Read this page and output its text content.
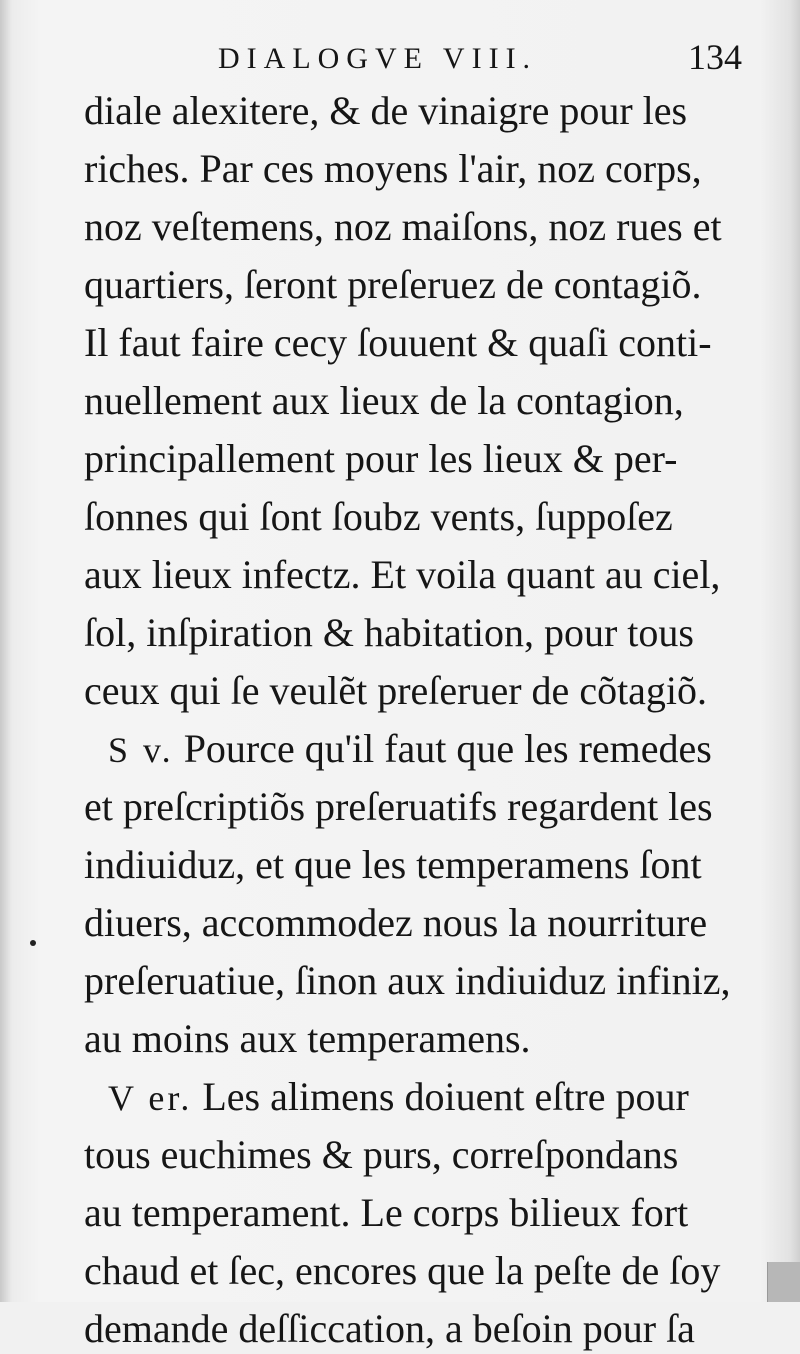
DIALOGVE VIII.	134
diale alexitere, & de vinaigre pour les
riches. Par ces moyens l'air, noz corps,
noz veſtemens, noz maiſons, noz rues et
quartiers, ſeront preſeruez de contagiõ.
Il faut faire cecy ſouuent & quaſi conti-
nuellement aux lieux de la contagion,
principallement pour les lieux & per-
ſonnes qui ſont ſoubz vents, ſuppoſez
aux lieux infectz. Et voila quant au ciel,
ſol, inſpiration & habitation, pour tous
ceux qui ſe veulẽt preſeruer de cõtagiõ.
S v. Pource qu'il faut que les remedes
et preſcriptiõs preſeruatifs regardent les
indiuiduz, et que les temperamens ſont
diuers, accommodez nous la nourriture
preſeruatiue, ſinon aux indiuiduz infiniz,
au moins aux temperamens.
V er. Les alimens doiuent eſtre pour
tous euchimes & purs, correſpondans
au temperament. Le corps bilieux fort
chaud et ſec, encores que la peſte de ſoy
demande deſſiccation, a beſoin pour ſa
